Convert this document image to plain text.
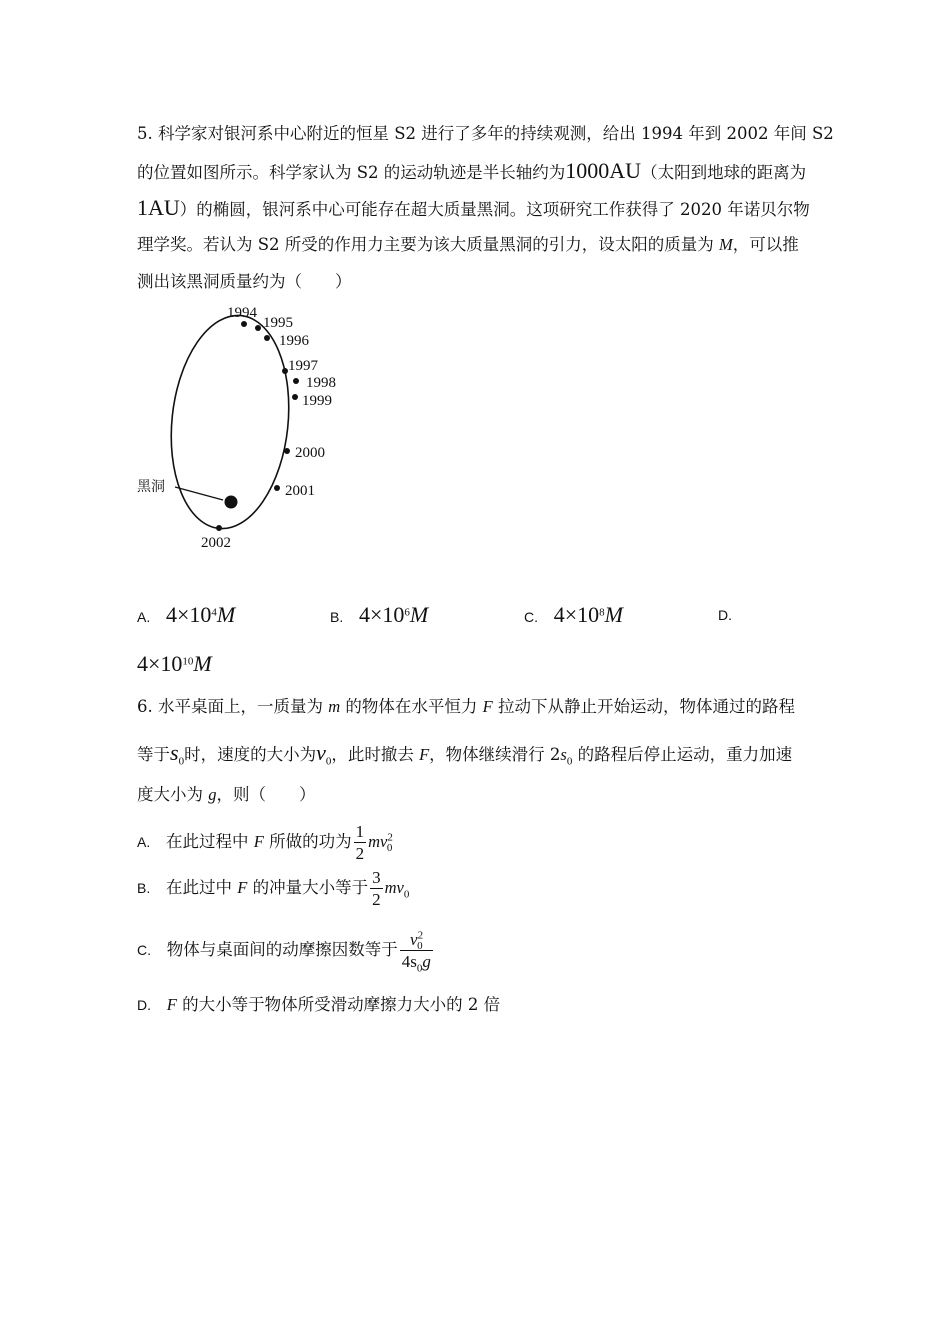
5. 科学家对银河系中心附近的恒星 S2 进行了多年的持续观测，给出 1994 年到 2002 年间 S2
的位置如图所示。科学家认为 S2 的运动轨迹是半长轴约为1000AU（太阳到地球的距离为
1AU）的椭圆，银河系中心可能存在超大质量黑洞。这项研究工作获得了 2020 年诺贝尔物
理学奖。若认为 S2 所受的作用力主要为该大质量黑洞的引力，设太阳的质量为 M，可以推
测出该黑洞质量约为（　　）
1994
1995
1996
1997
1998
1999
2000
2001
2002
黑洞
A. $4\times 10^4M$	B. $4\times 10^6M$	C. $4\times 10^8M$	D.
$4\times 10^{10}M$
6. 水平桌面上，一质量为 m 的物体在水平恒力 F 拉动下从静止开始运动，物体通过的路程
等于$s_0$时，速度的大小为$v_0$，此时撤去 F，物体继续滑行 $2s_0$ 的路程后停止运动，重力加速
度大小为 g，则（　　）
A. 在此过程中 F 所做的功为 $\frac{1}{2} mv^2_0$
B. 在此过中 F 的冲量大小等于 $\frac{3}{2} mv_0$
C. 物体与桌面间的动摩擦因数等于 $\frac{v^2_0}{4s_0g}$
D. F 的大小等于物体所受滑动摩擦力大小的 2 倍
